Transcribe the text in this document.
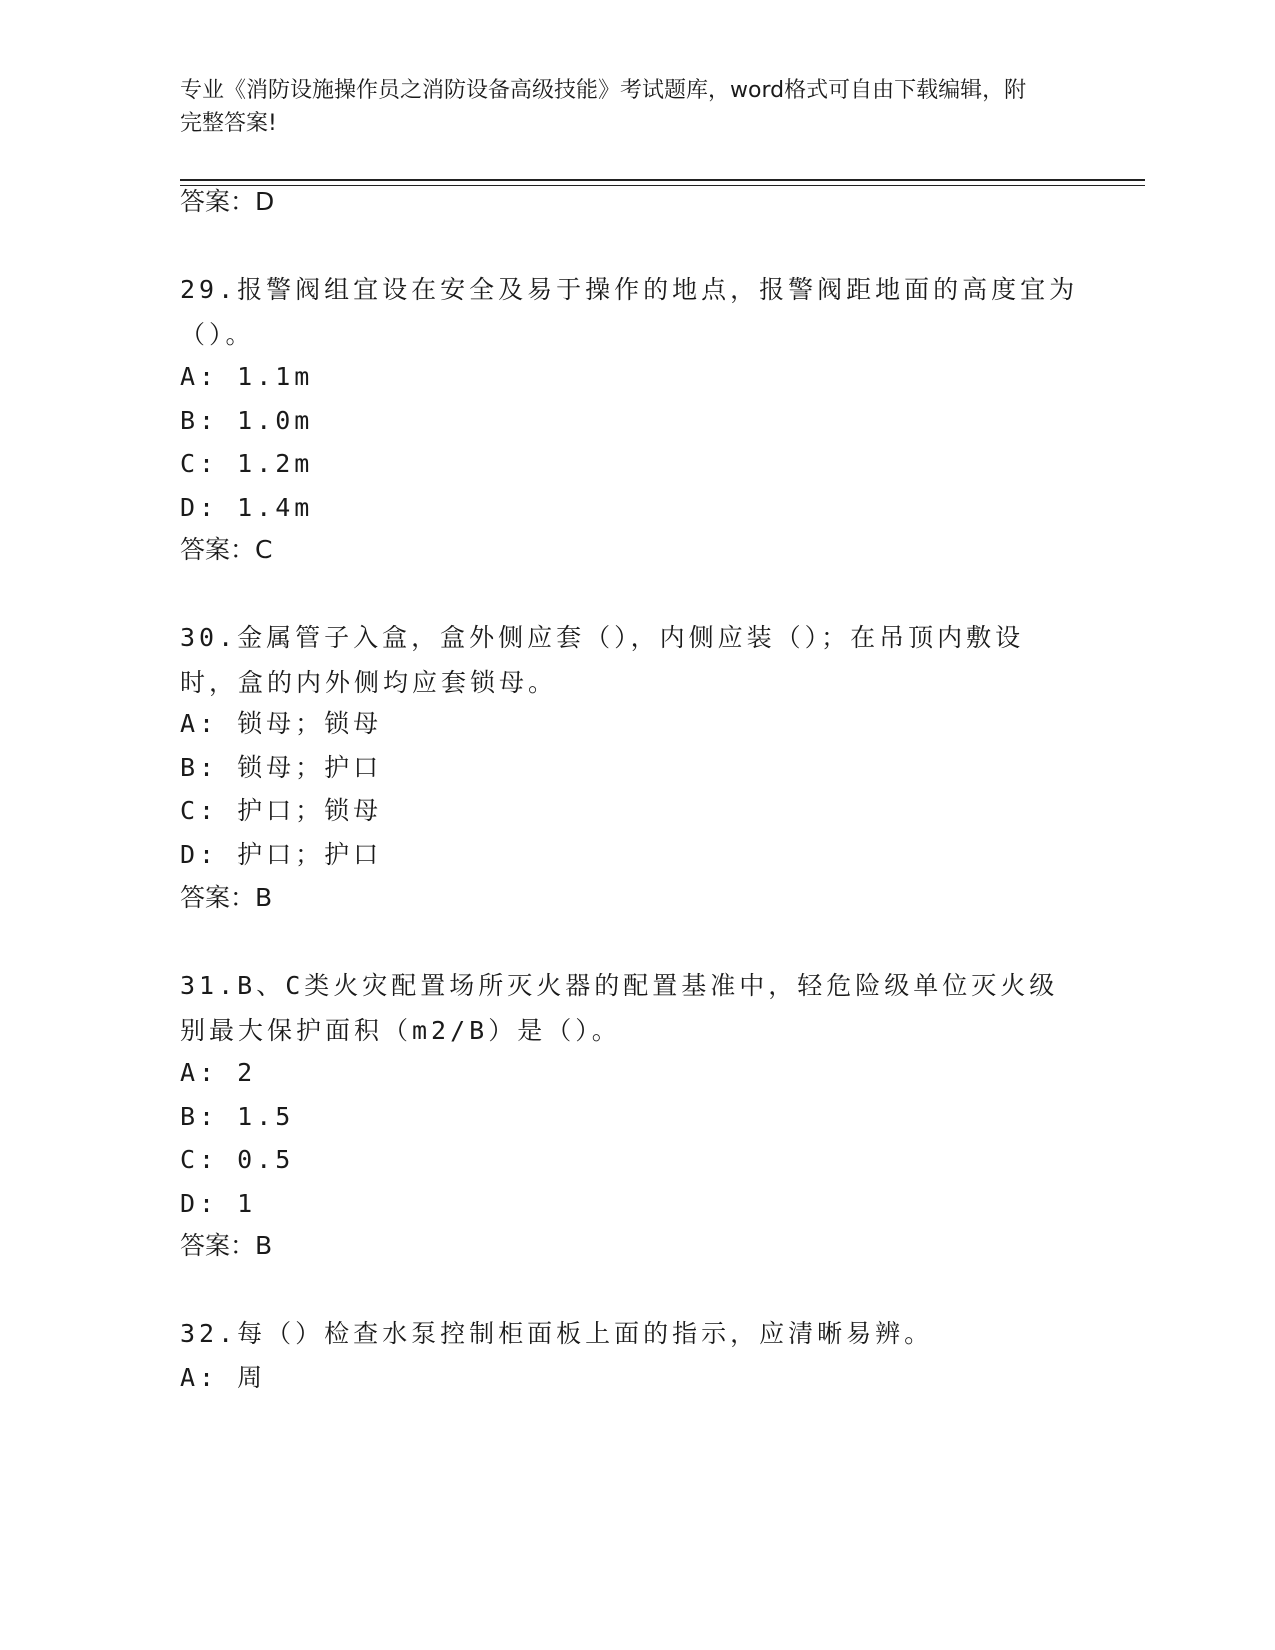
专业《消防设施操作员之消防设备高级技能》考试题库，word格式可自由下载编辑，附完整答案!

答案：D

29.报警阀组宜设在安全及易于操作的地点，报警阀距地面的高度宜为（）。

A: 1.1m

B: 1.0m

C: 1.2m

D: 1.4m

答案：C

30.金属管子入盒，盒外侧应套（），内侧应装（）；在吊顶内敷设时，盒的内外侧均应套锁母。

A: 锁母；锁母

B: 锁母；护口

C: 护口；锁母

D: 护口；护口

答案：B

31.B、C类火灾配置场所灭火器的配置基准中，轻危险级单位灭火级别最大保护面积（m2/B）是（）。

A: 2

B: 1.5

C: 0.5

D: 1

答案：B

32.每（）检查水泵控制柜面板上面的指示，应清晰易辨。

A: 周
